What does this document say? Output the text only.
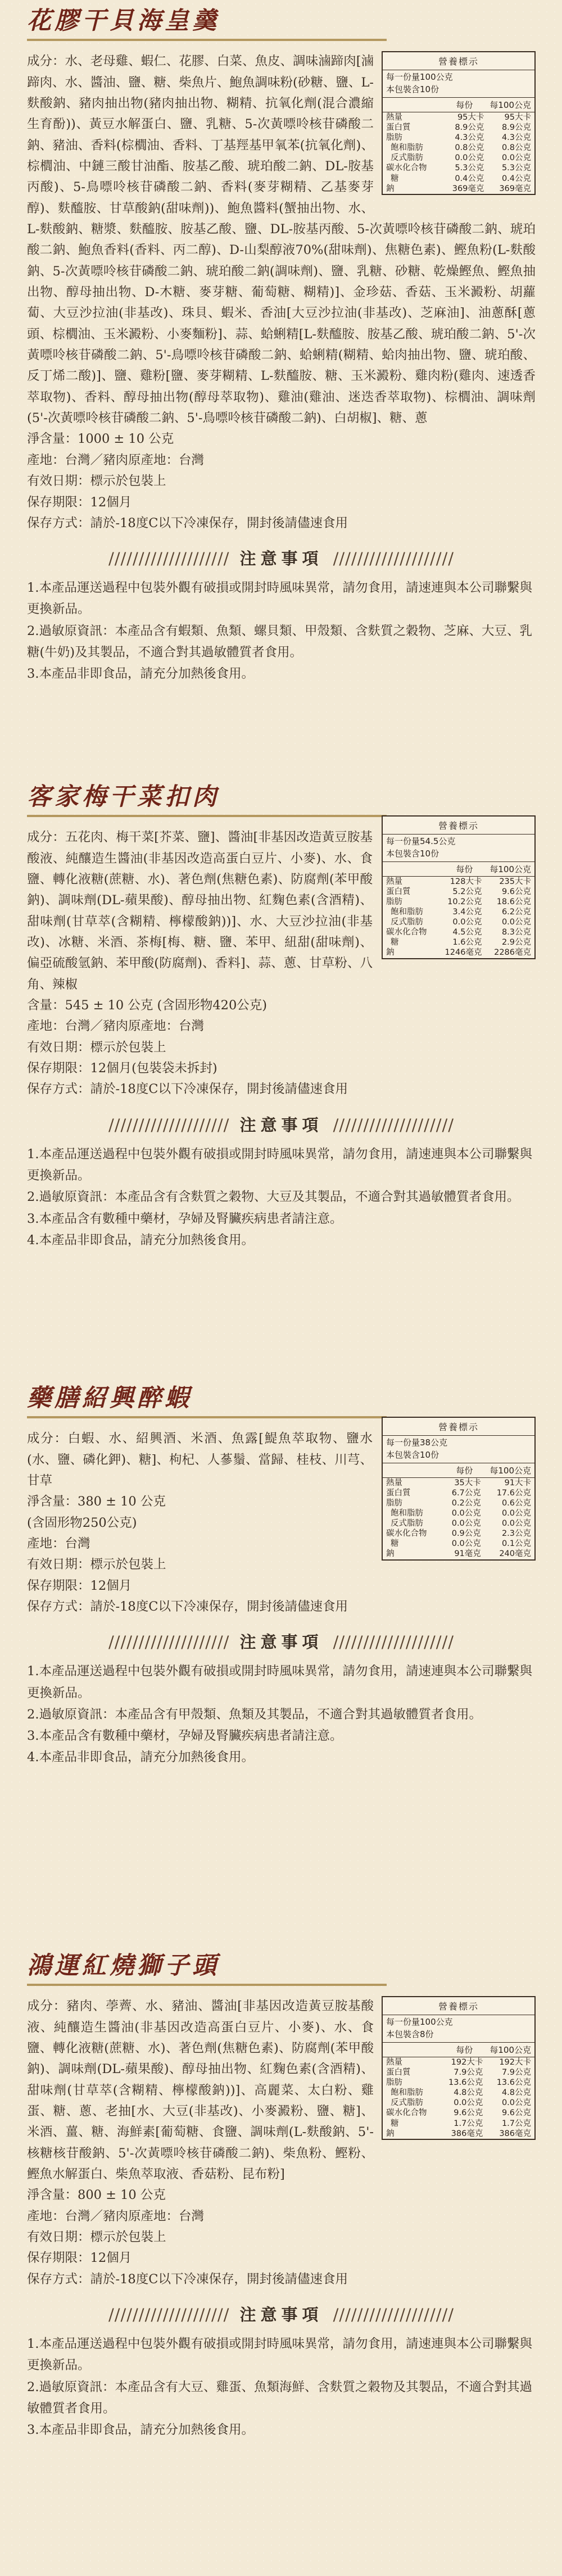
花膠干貝海皇羹
營養標示
每一份量100公克
本包裝含10份
每份 每100公克
熱量	95大卡	95大卡
蛋白質	8.9公克	8.9公克
脂肪	4.3公克	4.3公克
飽和脂肪	0.8公克	0.8公克
反式脂肪	0.0公克	0.0公克
碳水化合物	5.3公克	5.3公克
糖	0.4公克	0.4公克
鈉	369毫克	369毫克

成分：水、老母雞、蝦仁、花膠、白菜、魚皮、調味滷蹄肉[滷蹄肉、水、醬油、鹽、糖、柴魚片、鮑魚調味粉(砂糖、鹽、L-麩酸鈉、豬肉抽出物(豬肉抽出物、糊精、抗氧化劑(混合濃縮生育酚))、黃豆水解蛋白、鹽、乳糖、5-次黃嘌呤核苷磷酸二鈉、豬油、香料(棕櫚油、香料、丁基羥基甲氧苯(抗氧化劑)、棕櫚油、中鏈三酸甘油酯、胺基乙酸、琥珀酸二鈉、DL-胺基丙酸)、5-鳥嘌呤核苷磷酸二鈉、香料(麥芽糊精、乙基麥芽醇)、麩醯胺、甘草酸鈉(甜味劑))、鮑魚醬料(蟹抽出物、水、L-麩酸鈉、糖漿、麩醯胺、胺基乙酸、鹽、DL-胺基丙酸、5-次黃嘌呤核苷磷酸二鈉、琥珀酸二鈉、鮑魚香料(香料、丙二醇)、D-山梨醇液70%(甜味劑)、焦糖色素)、鰹魚粉(L-麩酸鈉、5-次黃嘌呤核苷磷酸二鈉、琥珀酸二鈉(調味劑)、鹽、乳糖、砂糖、乾燥鰹魚、鰹魚抽出物、醇母抽出物、D-木糖、麥芽糖、葡萄糖、糊精)]、金珍菇、香菇、玉米澱粉、胡蘿蔔、大豆沙拉油(非基改)、珠貝、蝦米、香油[大豆沙拉油(非基改)、芝麻油]、油蔥酥[蔥頭、棕櫚油、玉米澱粉、小麥麵粉]、蒜、蛤蜊精[L-麩醯胺、胺基乙酸、琥珀酸二鈉、5'-次黃嘌呤核苷磷酸二鈉、5'-鳥嘌呤核苷磷酸二鈉、蛤蜊精(糊精、蛤肉抽出物、鹽、琥珀酸、反丁烯二酸)]、鹽、雞粉[鹽、麥芽糊精、L-麩醯胺、糖、玉米澱粉、雞肉粉(雞肉、速透香萃取物)、香料、醇母抽出物(醇母萃取物)、雞油(雞油、迷迭香萃取物)、棕櫚油、調味劑(5'-次黃嘌呤核苷磷酸二鈉、5'-鳥嘌呤核苷磷酸二鈉)、白胡椒]、糖、蔥

淨含量：1000 ± 10 公克

產地：台灣／豬肉原產地：台灣

有效日期：標示於包裝上

保存期限：12個月

保存方式：請於-18度C以下冷凍保存，開封後請儘速食用

//////////////////// 注意事項 ////////////////////
1.本產品運送過程中包裝外觀有破損或開封時風味異常，請勿食用，請速連與本公司聯繫與更換新品。
2.過敏原資訊：本產品含有蝦類、魚類、螺貝類、甲殼類、含麩質之穀物、芝麻、大豆、乳糖(牛奶)及其製品，不適合對其過敏體質者食用。
3.本產品非即食品，請充分加熱後食用。
客家梅干菜扣肉
營養標示
每一份量54.5公克
本包裝含10份
每份 每100公克
熱量	128大卡	235大卡
蛋白質	5.2公克	9.6公克
脂肪	10.2公克	18.6公克
飽和脂肪	3.4公克	6.2公克
反式脂肪	0.0公克	0.0公克
碳水化合物	4.5公克	8.3公克
糖	1.6公克	2.9公克
鈉	1246毫克	2286毫克

成分：五花肉、梅干菜[芥菜、鹽]、醬油[非基因改造黃豆胺基酸液、純釀造生醬油(非基因改造高蛋白豆片、小麥)、水、食鹽、轉化液糖(蔗糖、水)、著色劑(焦糖色素)、防腐劑(苯甲酸鈉)、調味劑(DL-蘋果酸)、醇母抽出物、紅麴色素(含酒精)、甜味劑(甘草萃(含糊精、檸檬酸鈉))]、水、大豆沙拉油(非基改)、冰糖、米酒、茶梅[梅、糖、鹽、苯甲、紐甜(甜味劑)、偏亞硫酸氫鈉、苯甲酸(防腐劑)、香料]、蒜、蔥、甘草粉、八角、辣椒

含量：545 ± 10 公克 (含固形物420公克)

產地：台灣／豬肉原產地：台灣

有效日期：標示於包裝上

保存期限：12個月(包裝袋未拆封)

保存方式：請於-18度C以下冷凍保存，開封後請儘速食用

//////////////////// 注意事項 ////////////////////
1.本產品運送過程中包裝外觀有破損或開封時風味異常，請勿食用，請速連與本公司聯繫與更換新品。
2.過敏原資訊：本產品含有含麩質之穀物、大豆及其製品，不適合對其過敏體質者食用。
3.本產品含有數種中藥材，孕婦及腎臟疾病患者請注意。
4.本產品非即食品，請充分加熱後食用。
藥膳紹興醉蝦
營養標示
每一份量38公克
本包裝含10份
每份 每100公克
熱量	35大卡	91大卡
蛋白質	6.7公克	17.6公克
脂肪	0.2公克	0.6公克
飽和脂肪	0.0公克	0.0公克
反式脂肪	0.0公克	0.0公克
碳水化合物	0.9公克	2.3公克
糖	0.0公克	0.1公克
鈉	91毫克	240毫克

成分：白蝦、水、紹興酒、米酒、魚露[鯷魚萃取物、鹽水(水、鹽、磷化鉀)、糖]、枸杞、人蔘鬚、當歸、桂枝、川芎、甘草

淨含量：380 ± 10 公克

(含固形物250公克)

產地：台灣

有效日期：標示於包裝上

保存期限：12個月

保存方式：請於-18度C以下冷凍保存，開封後請儘速食用

//////////////////// 注意事項 ////////////////////
1.本產品運送過程中包裝外觀有破損或開封時風味異常，請勿食用，請速連與本公司聯繫與更換新品。
2.過敏原資訊：本產品含有甲殼類、魚類及其製品，不適合對其過敏體質者食用。
3.本產品含有數種中藥材，孕婦及腎臟疾病患者請注意。
4.本產品非即食品，請充分加熱後食用。
鴻運紅燒獅子頭
營養標示
每一份量100公克
本包裝含8份
每份 每100公克
熱量	192大卡	192大卡
蛋白質	7.9公克	7.9公克
脂肪	13.6公克	13.6公克
飽和脂肪	4.8公克	4.8公克
反式脂肪	0.0公克	0.0公克
碳水化合物	9.6公克	9.6公克
糖	1.7公克	1.7公克
鈉	386毫克	386毫克

成分：豬肉、荸薺、水、豬油、醬油[非基因改造黃豆胺基酸液、純釀造生醬油(非基因改造高蛋白豆片、小麥)、水、食鹽、轉化液糖(蔗糖、水)、著色劑(焦糖色素)、防腐劑(苯甲酸鈉)、調味劑(DL-蘋果酸)、醇母抽出物、紅麴色素(含酒精)、甜味劑(甘草萃(含糊精、檸檬酸鈉))]、高麗菜、太白粉、雞蛋、糖、蔥、老抽[水、大豆(非基改)、小麥澱粉、鹽、糖]、米酒、薑、糖、海鮮素[葡萄糖、食鹽、調味劑(L-麩酸鈉、5'-核糖核苷酸鈉、5'-次黃嘌呤核苷磷酸二鈉)、柴魚粉、鰹粉、鰹魚水解蛋白、柴魚萃取液、香菇粉、昆布粉]

淨含量：800 ± 10 公克

產地：台灣／豬肉原產地：台灣

有效日期：標示於包裝上

保存期限：12個月

保存方式：請於-18度C以下冷凍保存，開封後請儘速食用

//////////////////// 注意事項 ////////////////////
1.本產品運送過程中包裝外觀有破損或開封時風味異常，請勿食用，請速連與本公司聯繫與更換新品。
2.過敏原資訊：本產品含有大豆、雞蛋、魚類海鮮、含麩質之穀物及其製品，不適合對其過敏體質者食用。
3.本產品非即食品，請充分加熱後食用。
